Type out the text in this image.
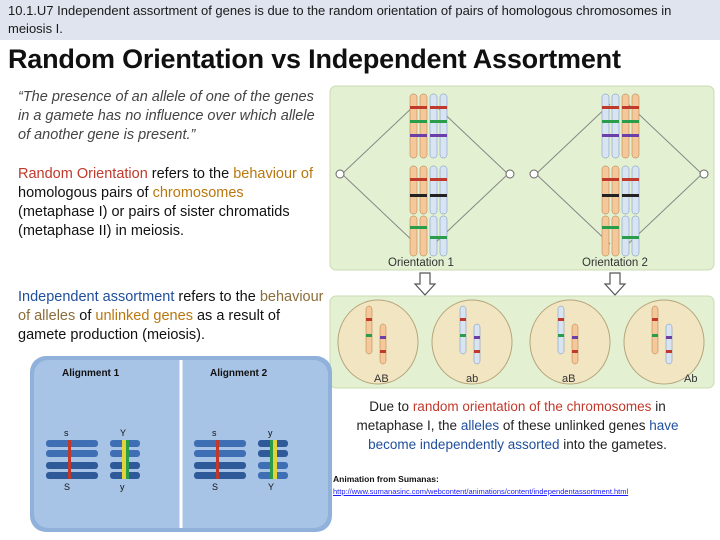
10.1.U7 Independent assortment of genes is due to the random orientation of pairs of homologous chromosomes in meiosis I.

Random Orientation vs Independent Assortment
“The presence of an allele of one of the genes in a gamete has no influence over which allele of another gene is present.”
Random Orientation refers to the behaviour of homologous pairs of chromosomes (metaphase I) or pairs of sister chromatids (metaphase II) in meiosis.
Independent assortment refers to the behaviour of alleles of unlinked genes as a result of gamete production (meiosis).
Orientation 1	Orientation 2
AB	ab	aB	Ab
Alignment 1	Alignment 2
s
S
Y
y
s
S
y
Y
Due to random orientation of the chromosomes in metaphase I, the alleles of these unlinked genes have become independently assorted into the gametes.
Animation from Sumanas:
http://www.sumanasinc.com/webcontent/animations/content/independentassortment.html
